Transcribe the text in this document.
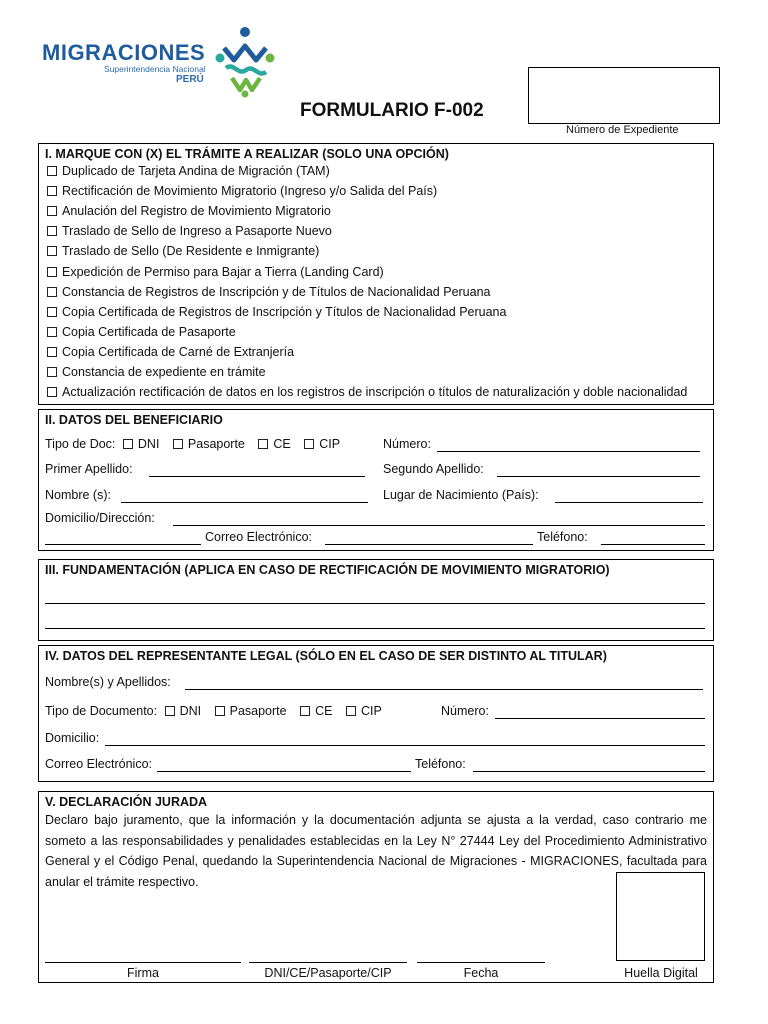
MIGRACIONES
Superintendencia Nacional
PERÚ
FORMULARIO F-002
Número de Expediente
I. MARQUE CON (X) EL TRÁMITE A REALIZAR (SOLO UNA OPCIÓN)
Duplicado de Tarjeta Andina de Migración (TAM)
Rectificación de Movimiento Migratorio (Ingreso y/o Salida del País)
Anulación del Registro de Movimiento Migratorio
Traslado de Sello de Ingreso a Pasaporte Nuevo
Traslado de Sello (De Residente e Inmigrante)
Expedición de Permiso para Bajar a Tierra (Landing Card)
Constancia de Registros de Inscripción y de Títulos de Nacionalidad Peruana
Copia Certificada de Registros de Inscripción y Títulos de Nacionalidad Peruana
Copia Certificada de Pasaporte
Copia Certificada de Carné de Extranjería
Constancia de expediente en trámite
Actualización rectificación de datos en los registros de inscripción o títulos de naturalización y doble nacionalidad
II. DATOS DEL BENEFICIARIO
Tipo de Doc: DNI Pasaporte CE CIP	Número:
Primer Apellido:	Segundo Apellido:
Nombre (s):	Lugar de Nacimiento (País):
Domicilio/Dirección:
Correo Electrónico:	Teléfono:
III. FUNDAMENTACIÓN (APLICA EN CASO DE RECTIFICACIÓN DE MOVIMIENTO MIGRATORIO)
IV. DATOS DEL REPRESENTANTE LEGAL (SÓLO EN EL CASO DE SER DISTINTO AL TITULAR)
Nombre(s) y Apellidos:
Tipo de Documento: DNI Pasaporte CE CIP	Número:
Domicilio:
Correo Electrónico:	Teléfono:
V. DECLARACIÓN JURADA
Declaro bajo juramento, que la información y la documentación adjunta se ajusta a la verdad, caso contrario me someto a las responsabilidades y penalidades establecidas en la Ley N° 27444 Ley del Procedimiento Administrativo General y el Código Penal, quedando la Superintendencia Nacional de Migraciones - MIGRACIONES, facultada para anular el trámite respectivo.
Firma	DNI/CE/Pasaporte/CIP	Fecha	Huella Digital
